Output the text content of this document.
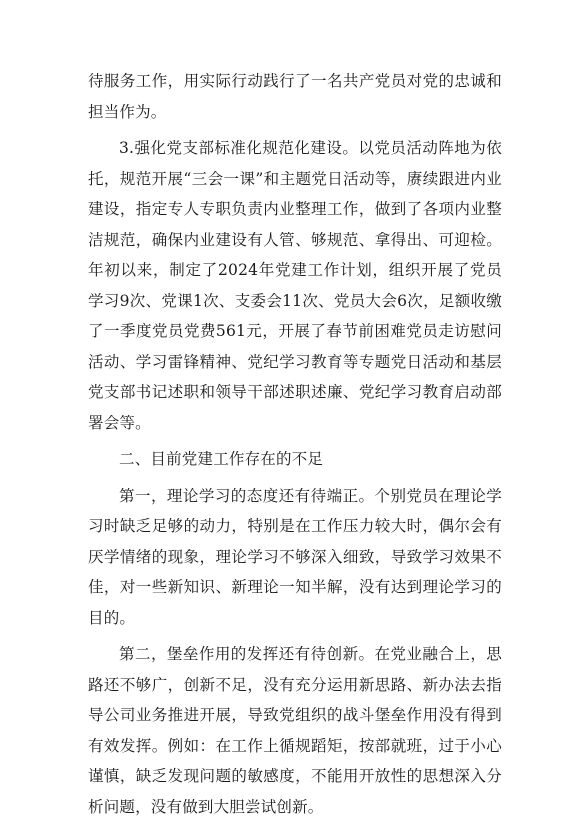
待服务工作，用实际行动践行了一名共产党员对党的忠诚和担当作为。

3.强化党支部标准化规范化建设。以党员活动阵地为依托，规范开展“三会一课”和主题党日活动等，赓续跟进内业建设，指定专人专职负责内业整理工作，做到了各项内业整洁规范，确保内业建设有人管、够规范、拿得出、可迎检。年初以来，制定了2024年党建工作计划，组织开展了党员学习9次、党课1次、支委会11次、党员大会6次，足额收缴了一季度党员党费561元，开展了春节前困难党员走访慰问活动、学习雷锋精神、党纪学习教育等专题党日活动和基层党支部书记述职和领导干部述职述廉、党纪学习教育启动部署会等。

二、目前党建工作存在的不足

第一，理论学习的态度还有待端正。个别党员在理论学习时缺乏足够的动力，特别是在工作压力较大时，偶尔会有厌学情绪的现象，理论学习不够深入细致，导致学习效果不佳，对一些新知识、新理论一知半解，没有达到理论学习的目的。

第二，堡垒作用的发挥还有待创新。在党业融合上，思路还不够广，创新不足，没有充分运用新思路、新办法去指导公司业务推进开展，导致党组织的战斗堡垒作用没有得到有效发挥。例如：在工作上循规蹈矩，按部就班，过于小心谨慎，缺乏发现问题的敏感度，不能用开放性的思想深入分析问题，没有做到大胆尝试创新。
